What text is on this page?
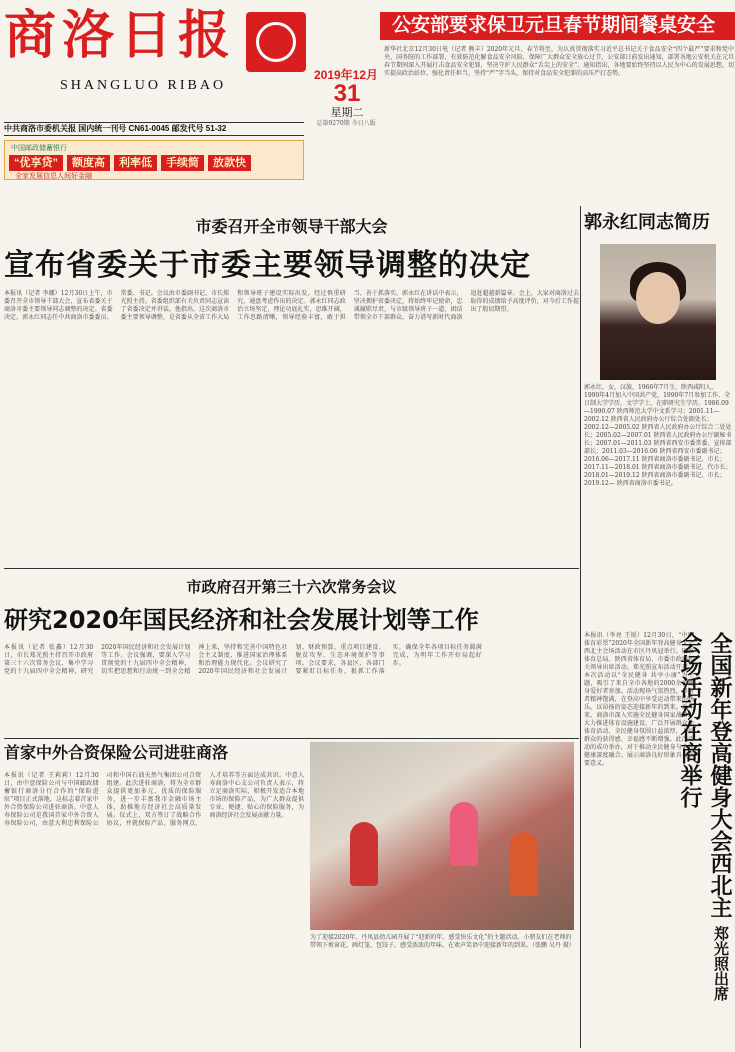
商洛日报
SHANGLUO RIBAO
2019年12月
31
星期二
总第9270期 今日八版
公安部要求保卫元旦春节期间餐桌安全
新华社北京12月30日电（记者 熊丰）2020年元旦、春节将至，为认真贯彻落实习近平总书记关于食品安全“四个最严”要求和党中央、国务院的工作部署，有效防范化解食品安全风险，保障广大群众安全放心过节，公安部日前发出通知，部署各地公安机关在元旦春节期间深入开展打击食品安全犯罪，坚决守护人民群众“舌尖上的安全”。通知指出，各地要始终坚持以人民为中心的发展思想，切实提高政治站位，强化责任担当，坚持“严”字当头，保持对食品安全犯罪的高压严打态势。
中共商洛市委机关报 国内统一刊号 CN61-0045 邮发代号 51-32
中国邮政储蓄银行
“优享贷”	额度高	利率低	手续简	放款快
全家发展信息人间好金融
市委召开全市领导干部大会
宣布省委关于市委主要领导调整的决定
本报讯（记者 李娜）12月30日上午，市委召开全市领导干部大会，宣布省委关于商洛市委主要领导同志调整的决定。省委决定，郭永红同志任中共商洛市委委员、常委、书记。会议由市委副书记、市长郑光照主持。省委组织部有关负责同志宣读了省委决定并讲话。他指出，这次商洛市委主要领导调整，是省委从全省工作大局和领导班子建设实际出发，经过慎重研究、通盘考虑作出的决定。郭永红同志政治立场坚定，理论功底扎实，思维开阔，工作思路清晰，领导经验丰富，敢于担当，善于抓落实。郭永红在讲话中表示，坚决拥护省委决定，将始终牢记使命，忠诚履职尽责，与市级领导班子一道，团结带领全市干部群众，奋力谱写新时代商洛追赶超越新篇章。会上，大家对商洛过去取得的成绩给予高度评价，对今后工作提出了殷切期望。
郭永红同志简历
郭永红，女，汉族，1966年7月生，陕西咸阳人，1990年4月加入中国共产党，1990年7月参加工作，全日制大学学历，文学学士，在职研究生学历。1986.09—1990.07 陕西师范大学中文系学习；2001.11—2002.12 陕西省人民政府办公厅综合处副处长；2002.12—2005.02 陕西省人民政府办公厅综合二处处长；2005.02—2007.01 陕西省人民政府办公厅副秘书长；2007.01—2011.03 陕西省西安市委常委、宣传部部长；2011.03—2016.06 陕西省西安市委副书记；2016.06—2017.11 陕西省商洛市委副书记、市长；2017.11—2018.01 陕西省商洛市委副书记、代市长；2018.01—2019.12 陕西省商洛市委副书记、市长；2019.12— 陕西省商洛市委书记。
市政府召开第三十六次常务会议
研究2020年国民经济和社会发展计划等工作
本报讯（记者 张鑫）12月30日，市长郑光照主持召开市政府第三十六次常务会议，集中学习党的十九届四中全会精神，研究2020年国民经济和社会发展计划等工作。会议强调，要深入学习贯彻党的十九届四中全会精神，切实把思想和行动统一到全会精神上来，坚持和完善中国特色社会主义制度，推进国家治理体系和治理能力现代化。会议研究了2020年国民经济和社会发展计划、财政预算、重点项目建设、脱贫攻坚、生态环境保护等事项。会议要求，各县区、各部门要紧盯目标任务，狠抓工作落实，确保全年各项目标任务圆满完成，为明年工作开好局起好步。
首家中外合资保险公司进驻商洛
本报讯（记者 王莉莉）12月30日，由中意保险公司与中国邮政储蓄银行商洛分行合作的“保险进驻”项目正式落地，这标志着首家中外合资保险公司进驻商洛。中意人寿保险公司是我国首家中外合资人寿保险公司，由意大利忠利保险公司和中国石油天然气集团公司合资组建。此次进驻商洛，将为全市群众提供更加多元、优质的保险服务，进一步丰富我市金融市场主体，助推地方经济社会高质量发展。仪式上，双方签订了战略合作协议，并就保险产品、服务网点、人才培养等方面达成共识。中意人寿商洛中心支公司负责人表示，将立足商洛实际，积极开发适合本地市场的保险产品，为广大群众提供专业、便捷、贴心的保险服务，为商洛经济社会发展贡献力量。
为了迎接2020年，丹凤县幼儿园开展了“迎新的年，感受快乐文化”的主题活动。小朋友们在老师的带领下剪窗花、画灯笼、包饺子，感受浓浓的年味，在欢声笑语中迎接新年的到来。（张鹏 吴丹 摄）
本报讯（李亮 王锐）12月30日，“中国体育彩票”2020年全国新年登高健身大会西北主会场活动在市区丹凤冠举行。国家体育总局、陕西省体育局、市委市政府相关领导出席活动。郑光照宣布活动开幕。本次活动以“全民健身 共享小康”为主题，吸引了来自全市各地的2000余名健身爱好者参加。活动现场气氛热烈，参与者精神饱满，在登高中享受运动带来的快乐，以昂扬的姿态迎接新年的到来。近年来，商洛市深入实施全民健身国家战略，大力推进体育设施建设，广泛开展群众性体育活动，全民健身氛围日益浓厚，人民群众的获得感、幸福感不断增强。此次活动的成功举办，对于推动全民健身与全民健康深度融合、展示商洛良好形象具有重要意义。	全国新年登高健身大会西北主会场活动在商举行
郑光照出席
